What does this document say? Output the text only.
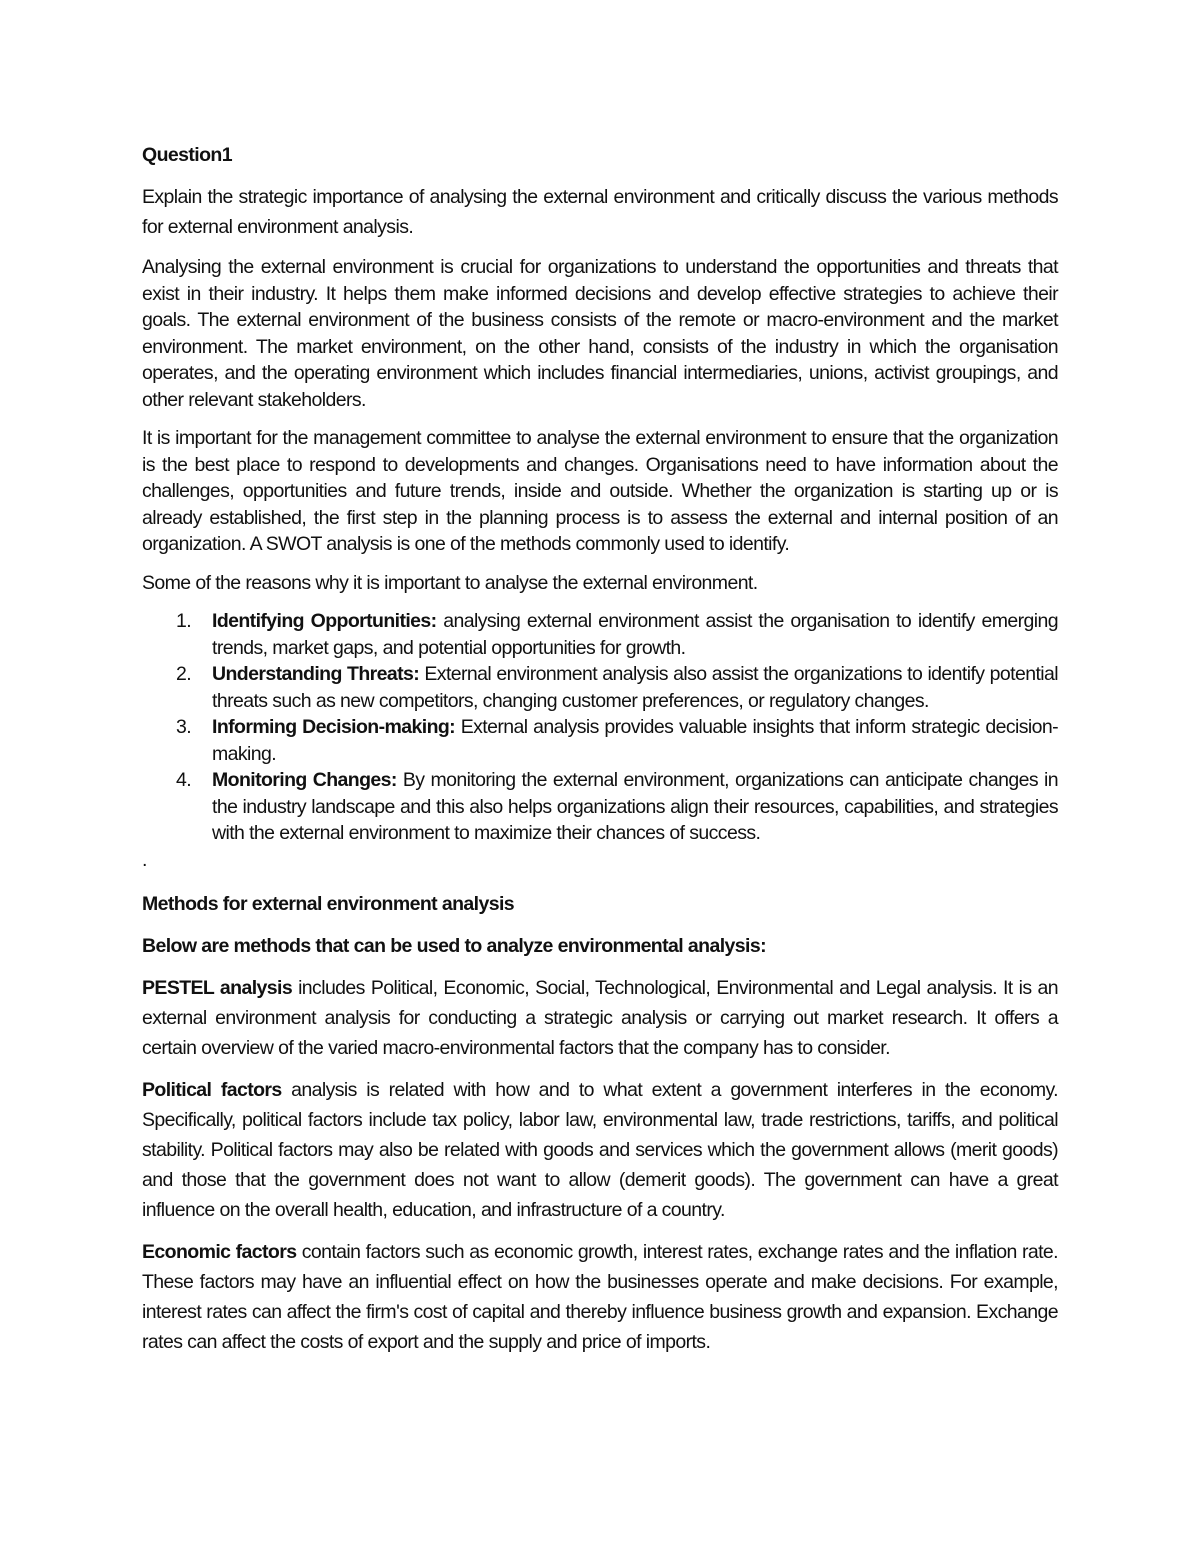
Question1

Explain the strategic importance of analysing the external environment and critically discuss the various methods for external environment analysis.

Analysing the external environment is crucial for organizations to understand the opportunities and threats that exist in their industry. It helps them make informed decisions and develop effective strategies to achieve their goals. The external environment of the business consists of the remote or macro-environment and the market environment. The market environment, on the other hand, consists of the industry in which the organisation operates, and the operating environment which includes financial intermediaries, unions, activist groupings, and other relevant stakeholders.

It is important for the management committee to analyse the external environment to ensure that the organization is the best place to respond to developments and changes. Organisations need to have information about the challenges, opportunities and future trends, inside and outside. Whether the organization is starting up or is already established, the first step in the planning process is to assess the external and internal position of an organization. A SWOT analysis is one of the methods commonly used to identify.

Some of the reasons why it is important to analyse the external environment.

1. Identifying Opportunities: analysing external environment assist the organisation to identify emerging trends, market gaps, and potential opportunities for growth.
2. Understanding Threats: External environment analysis also assist the organizations to identify potential threats such as new competitors, changing customer preferences, or regulatory changes.
3. Informing Decision-making: External analysis provides valuable insights that inform strategic decision-making.
4. Monitoring Changes: By monitoring the external environment, organizations can anticipate changes in the industry landscape and this also helps organizations align their resources, capabilities, and strategies with the external environment to maximize their chances of success.
.
Methods for external environment analysis
Below are methods that can be used to analyze environmental analysis:

PESTEL analysis includes Political, Economic, Social, Technological, Environmental and Legal analysis. It is an external environment analysis for conducting a strategic analysis or carrying out market research. It offers a certain overview of the varied macro-environmental factors that the company has to consider.

Political factors analysis is related with how and to what extent a government interferes in the economy. Specifically, political factors include tax policy, labor law, environmental law, trade restrictions, tariffs, and political stability. Political factors may also be related with goods and services which the government allows (merit goods) and those that the government does not want to allow (demerit goods). The government can have a great influence on the overall health, education, and infrastructure of a country.

Economic factors contain factors such as economic growth, interest rates, exchange rates and the inflation rate. These factors may have an influential effect on how the businesses operate and make decisions. For example, interest rates can affect the firm's cost of capital and thereby influence business growth and expansion. Exchange rates can affect the costs of export and the supply and price of imports.
